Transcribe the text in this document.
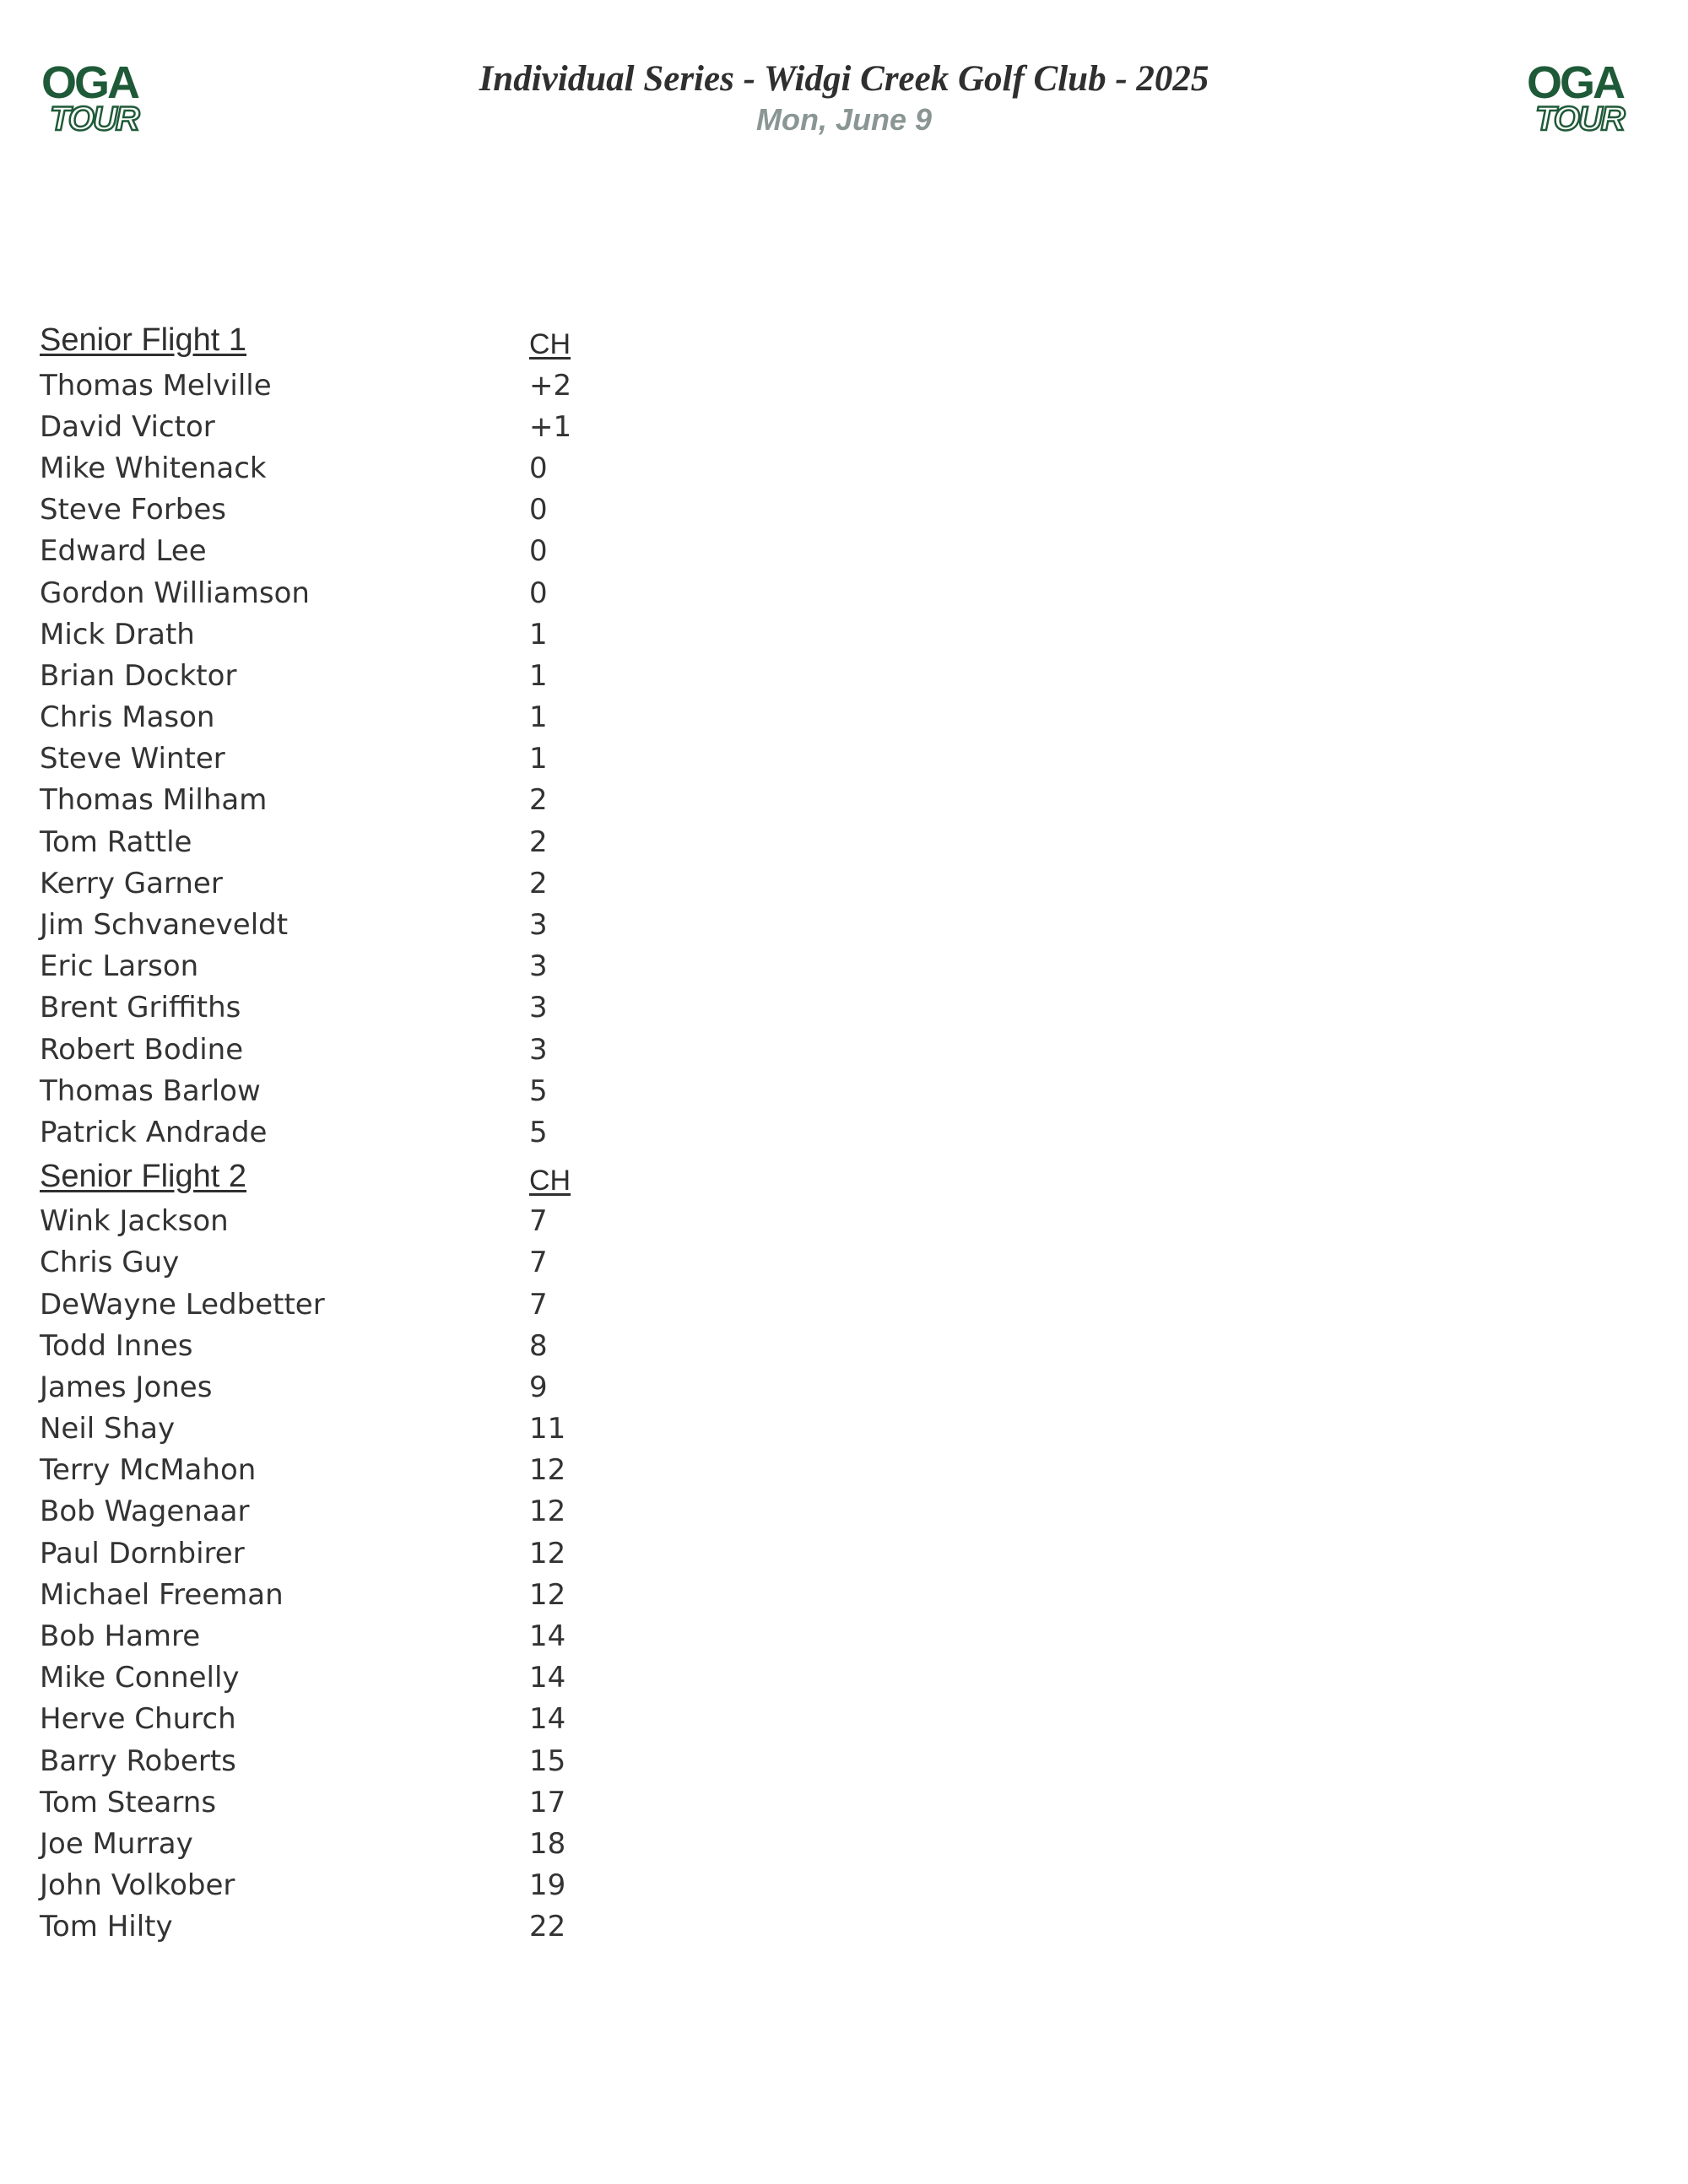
OGA
TOUR
OGA
TOUR
Individual Series - Widgi Creek Golf Club - 2025
Mon, June 9
Senior Flight 1	CH
Thomas Melville	+2
David Victor	+1
Mike Whitenack	0
Steve Forbes	0
Edward Lee	0
Gordon Williamson	0
Mick Drath	1
Brian Docktor	1
Chris Mason	1
Steve Winter	1
Thomas Milham	2
Tom Rattle	2
Kerry Garner	2
Jim Schvaneveldt	3
Eric Larson	3
Brent Griffiths	3
Robert Bodine	3
Thomas Barlow	5
Patrick Andrade	5
Senior Flight 2	CH
Wink Jackson	7
Chris Guy	7
DeWayne Ledbetter	7
Todd Innes	8
James Jones	9
Neil Shay	11
Terry McMahon	12
Bob Wagenaar	12
Paul Dornbirer	12
Michael Freeman	12
Bob Hamre	14
Mike Connelly	14
Herve Church	14
Barry Roberts	15
Tom Stearns	17
Joe Murray	18
John Volkober	19
Tom Hilty	22
